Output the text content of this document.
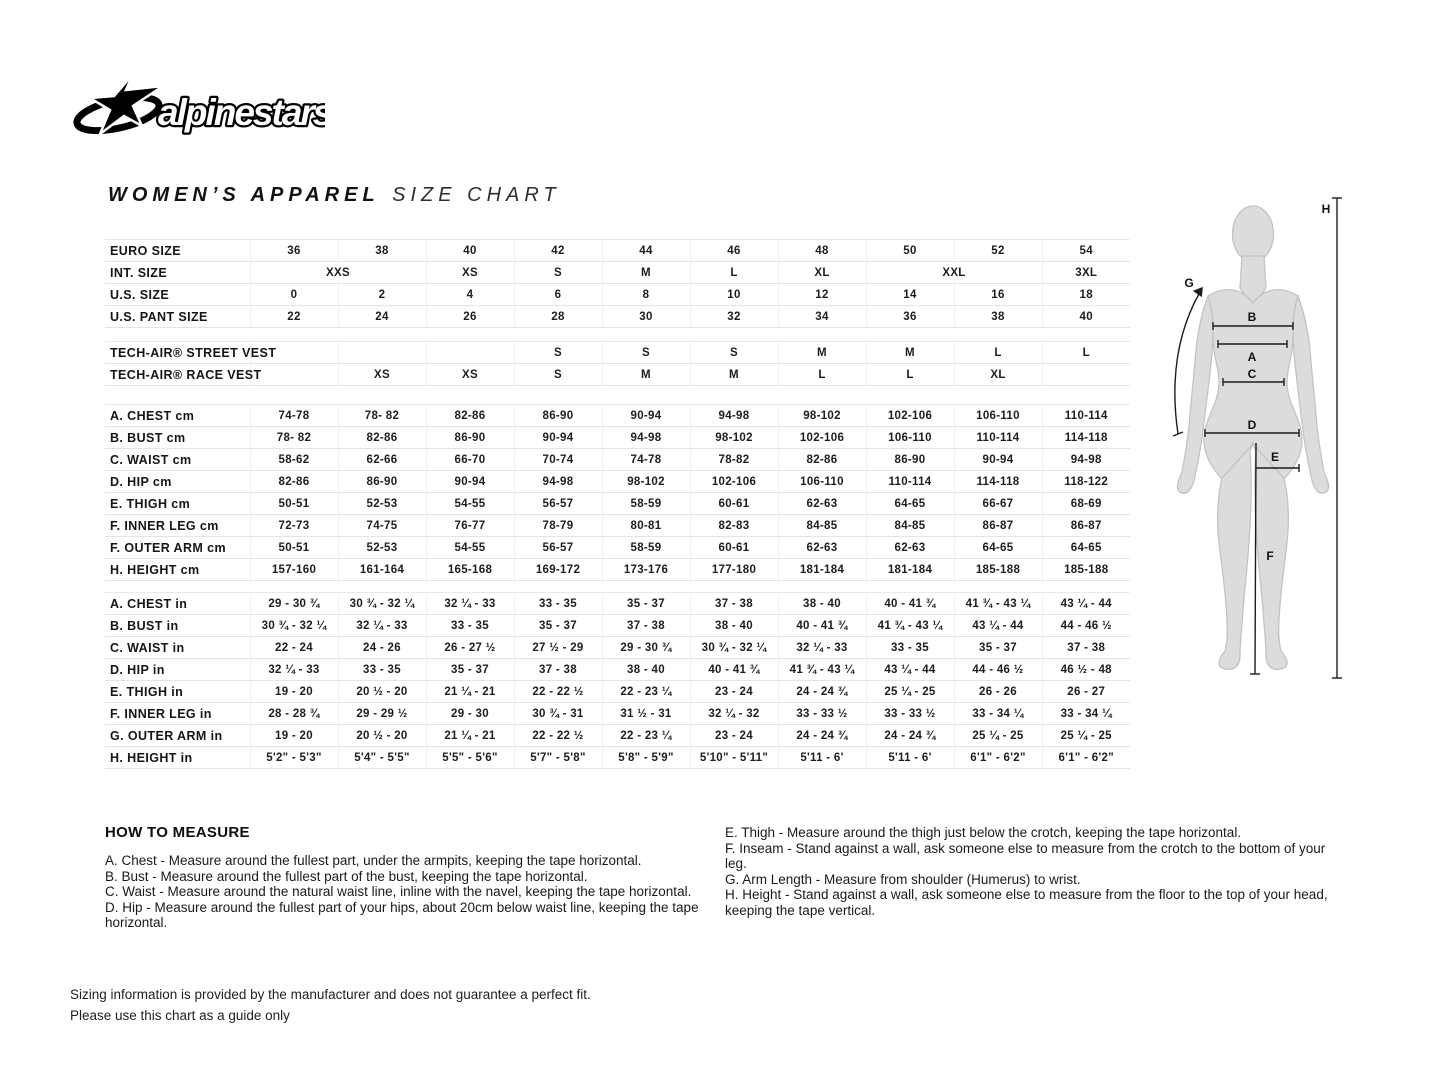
alpinestars
WOMEN’S APPAREL SIZE CHART
EURO SIZE	36	38	40	42	44	46	48	50	52	54
INT. SIZE	XXS		XS	S	M	L	XL	XXL		3XL
U.S. SIZE	0	2	4	6	8	10	12	14	16	18
U.S. PANT SIZE	22	24	26	28	30	32	34	36	38	40
TECH-AIR® STREET VEST				S	S	S	M	M	L	L
TECH-AIR® RACE VEST		XS	XS	S	M	M	L	L	XL	
A. CHEST cm	74-78	78- 82	82-86	86-90	90-94	94-98	98-102	102-106	106-110	110-114
B. BUST cm	78- 82	82-86	86-90	90-94	94-98	98-102	102-106	106-110	110-114	114-118
C. WAIST cm	58-62	62-66	66-70	70-74	74-78	78-82	82-86	86-90	90-94	94-98
D. HIP cm	82-86	86-90	90-94	94-98	98-102	102-106	106-110	110-114	114-118	118-122
E. THIGH cm	50-51	52-53	54-55	56-57	58-59	60-61	62-63	64-65	66-67	68-69
F. INNER LEG cm	72-73	74-75	76-77	78-79	80-81	82-83	84-85	84-85	86-87	86-87
F. OUTER ARM cm	50-51	52-53	54-55	56-57	58-59	60-61	62-63	62-63	64-65	64-65
H. HEIGHT cm	157-160	161-164	165-168	169-172	173-176	177-180	181-184	181-184	185-188	185-188
A. CHEST in	29 - 30 ¾	30 ¾ - 32 ¼	32 ¼ - 33	33 - 35	35 - 37	37 - 38	38 - 40	40 - 41 ¾	41 ¾ - 43 ¼	43 ¼ - 44
B. BUST in	30 ¾ - 32 ¼	32 ¼ - 33	33 - 35	35 - 37	37 - 38	38 - 40	40 - 41 ¾	41 ¾ - 43 ¼	43 ¼ - 44	44 - 46 ½
C. WAIST in	22 - 24	24 - 26	26 - 27 ½	27 ½ - 29	29 - 30 ¾	30 ¾ - 32 ¼	32 ¼ - 33	33 - 35	35 - 37	37 - 38
D. HIP in	32 ¼ - 33	33 - 35	35 - 37	37 - 38	38 - 40	40 - 41 ¾	41 ¾ - 43 ¼	43 ¼ - 44	44 - 46 ½	46 ½ - 48
E. THIGH in	19 - 20	20 ½ - 20	21 ¼ - 21	22 - 22 ½	22 - 23 ¼	23 - 24	24 - 24 ¾	25 ¼ - 25	26 - 26	26 - 27
F. INNER LEG in	28 - 28 ¾	29 - 29 ½	29 - 30	30 ¾ - 31	31 ½ - 31	32 ¼ - 32	33 - 33 ½	33 - 33 ½	33 - 34 ¼	33 - 34 ¼
G. OUTER ARM in	19 - 20	20 ½ - 20	21 ¼ - 21	22 - 22 ½	22 - 23 ¼	23 - 24	24 - 24 ¾	24 - 24 ¾	25 ¼ - 25	25 ¼ - 25
H. HEIGHT in	5'2" - 5'3"	5'4" - 5'5"	5'5" - 5'6"	5'7" - 5'8"	5'8" - 5'9"	5'10" - 5'11"	5'11 - 6'	5'11 - 6'	6'1" - 6'2"	6'1" - 6'2"
B
A
C
D
E
F
G
H
HOW TO MEASURE
A. Chest - Measure around the fullest part, under the armpits, keeping the tape horizontal.
B. Bust - Measure around the fullest part of the bust, keeping the tape horizontal.
C. Waist - Measure around the natural waist line, inline with the navel, keeping the tape horizontal.
D. Hip - Measure around the fullest part of your hips, about 20cm below waist line, keeping the tape horizontal.
E. Thigh - Measure around the thigh just below the crotch, keeping the tape horizontal.
F. Inseam - Stand against a wall, ask someone else to measure from the crotch to the bottom of your leg.
G. Arm Length - Measure from shoulder (Humerus) to wrist.
H. Height - Stand against a wall, ask someone else to measure from the floor to the top of your head, keeping the tape vertical.
Sizing information is provided by the manufacturer and does not guarantee a perfect fit.
Please use this chart as a guide only
